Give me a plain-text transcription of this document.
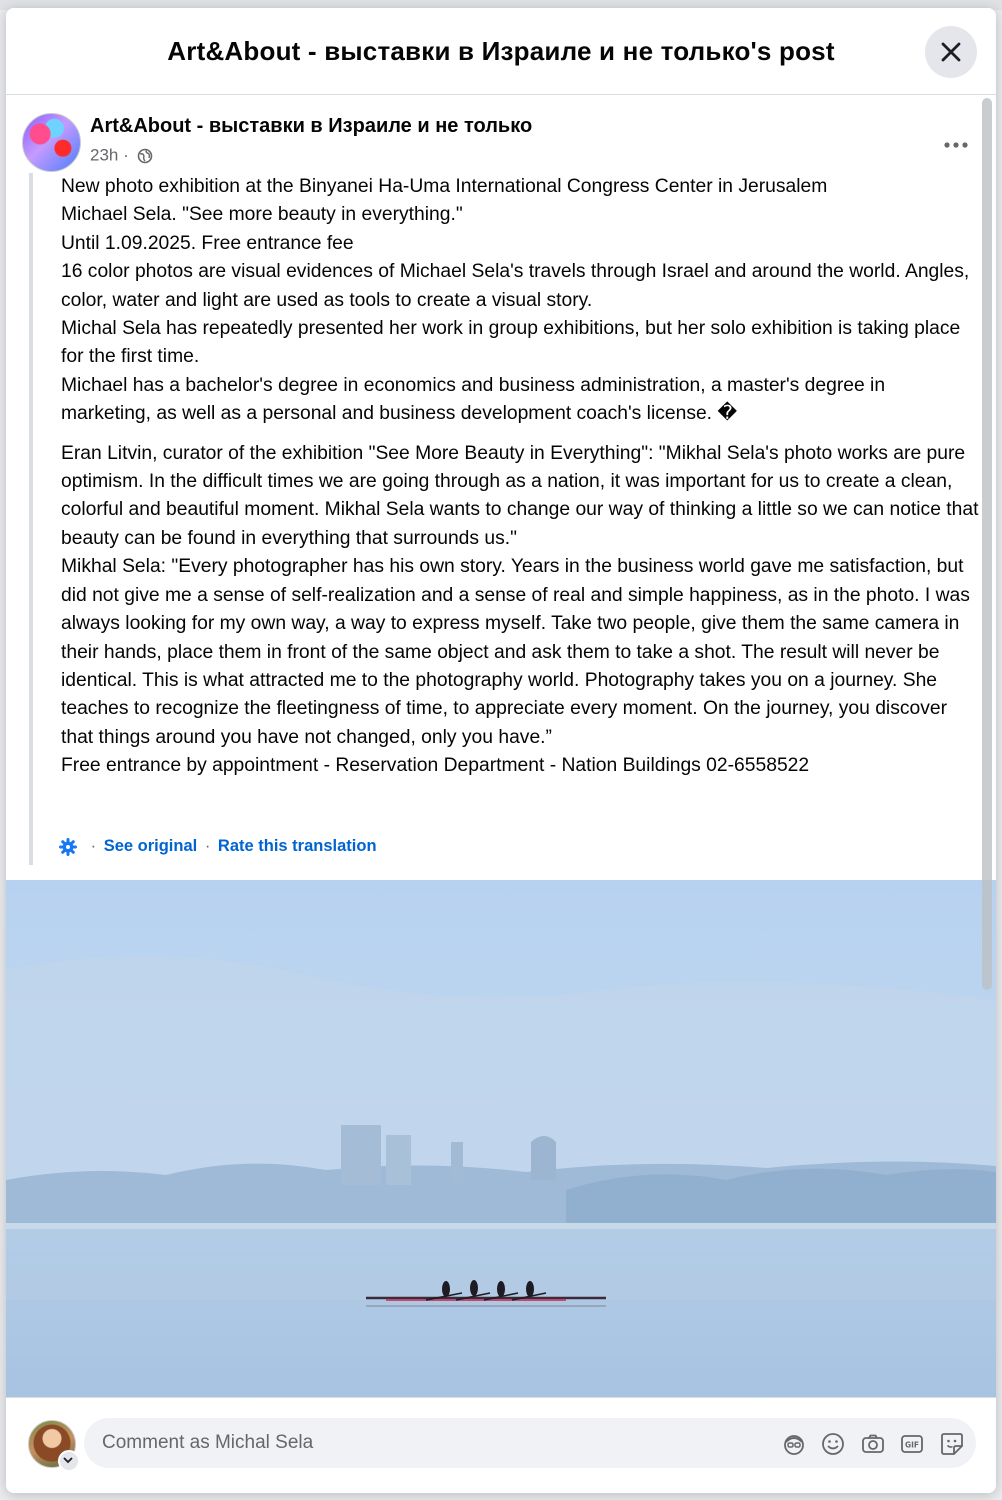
Art&About - выставки в Израиле и не только's post
Art&About - выставки в Израиле и не только
23h ·

New photo exhibition at the Binyanei Ha-Uma International Congress Center in Jerusalem

Michael Sela. "See more beauty in everything."

Until 1.09.2025. Free entrance fee

16 color photos are visual evidences of Michael Sela's travels through Israel and around the world. Angles, color, water and light are used as tools to create a visual story.

Michal Sela has repeatedly presented her work in group exhibitions, but her solo exhibition is taking place for the first time.

Michael has a bachelor's degree in economics and business administration, a master's degree in marketing, as well as a personal and business development coach's license. �

Eran Litvin, curator of the exhibition "See More Beauty in Everything": "Mikhal Sela's photo works are pure optimism. In the difficult times we are going through as a nation, it was important for us to create a clean, colorful and beautiful moment. Mikhal Sela wants to change our way of thinking a little so we can notice that beauty can be found in everything that surrounds us."

Mikhal Sela: "Every photographer has his own story. Years in the business world gave me satisfaction, but did not give me a sense of self-realization and a sense of real and simple happiness, as in the photo. I was always looking for my own way, a way to express myself. Take two people, give them the same camera in their hands, place them in front of the same object and ask them to take a shot. The result will never be identical. This is what attracted me to the photography world. Photography takes you on a journey. She teaches to recognize the fleetingness of time, to appreciate every moment. On the journey, you discover that things around you have not changed, only you have.”

Free entrance by appointment - Reservation Department - Nation Buildings 02-6558522

· See original · Rate this translation
Comment as Michal Sela
GIF
